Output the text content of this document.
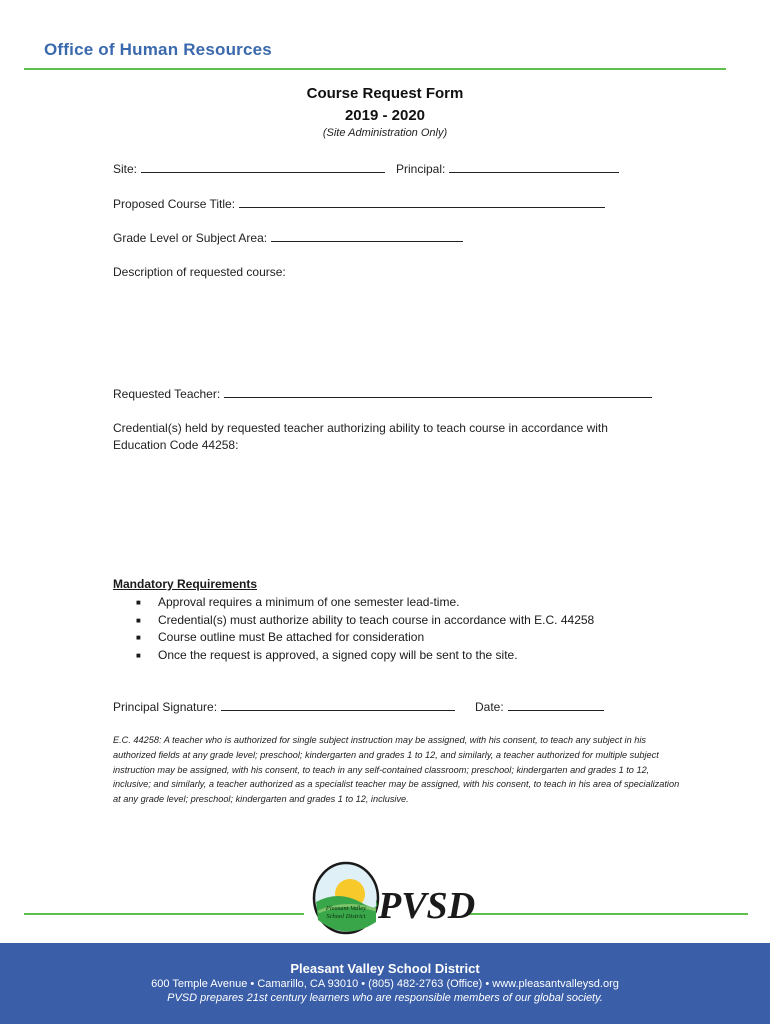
Office of Human Resources
Course Request Form
2019 - 2020
(Site Administration Only)
Site:	Principal:
Proposed Course Title:
Grade Level or Subject Area:
Description of requested course:
Requested Teacher:
Credential(s) held by requested teacher authorizing ability to teach course in accordance with
Education Code 44258:
Mandatory Requirements
■ Approval requires a minimum of one semester lead-time.
■ Credential(s) must authorize ability to teach course in accordance with E.C. 44258
■ Course outline must Be attached for consideration
■ Once the request is approved, a signed copy will be sent to the site.
Principal Signature:	Date:
E.C. 44258: A teacher who is authorized for single subject instruction may be assigned, with his consent, to teach any subject in his authorized fields at any grade level; preschool; kindergarten and grades 1 to 12, and similarly, a teacher authorized for multiple subject instruction may be assigned, with his consent, to teach in any self-contained classroom; preschool; kindergarten and grades 1 to 12, inclusive; and similarly, a teacher authorized as a specialist teacher may be assigned, with his consent, to teach in his area of specialization at any grade level; preschool; kindergarten and grades 1 to 12, inclusive.
Pleasant Valley
School District PVSD
Pleasant Valley School District
600 Temple Avenue • Camarillo, CA 93010 • (805) 482-2763 (Office) • www.pleasantvalleysd.org
PVSD prepares 21st century learners who are responsible members of our global society.
